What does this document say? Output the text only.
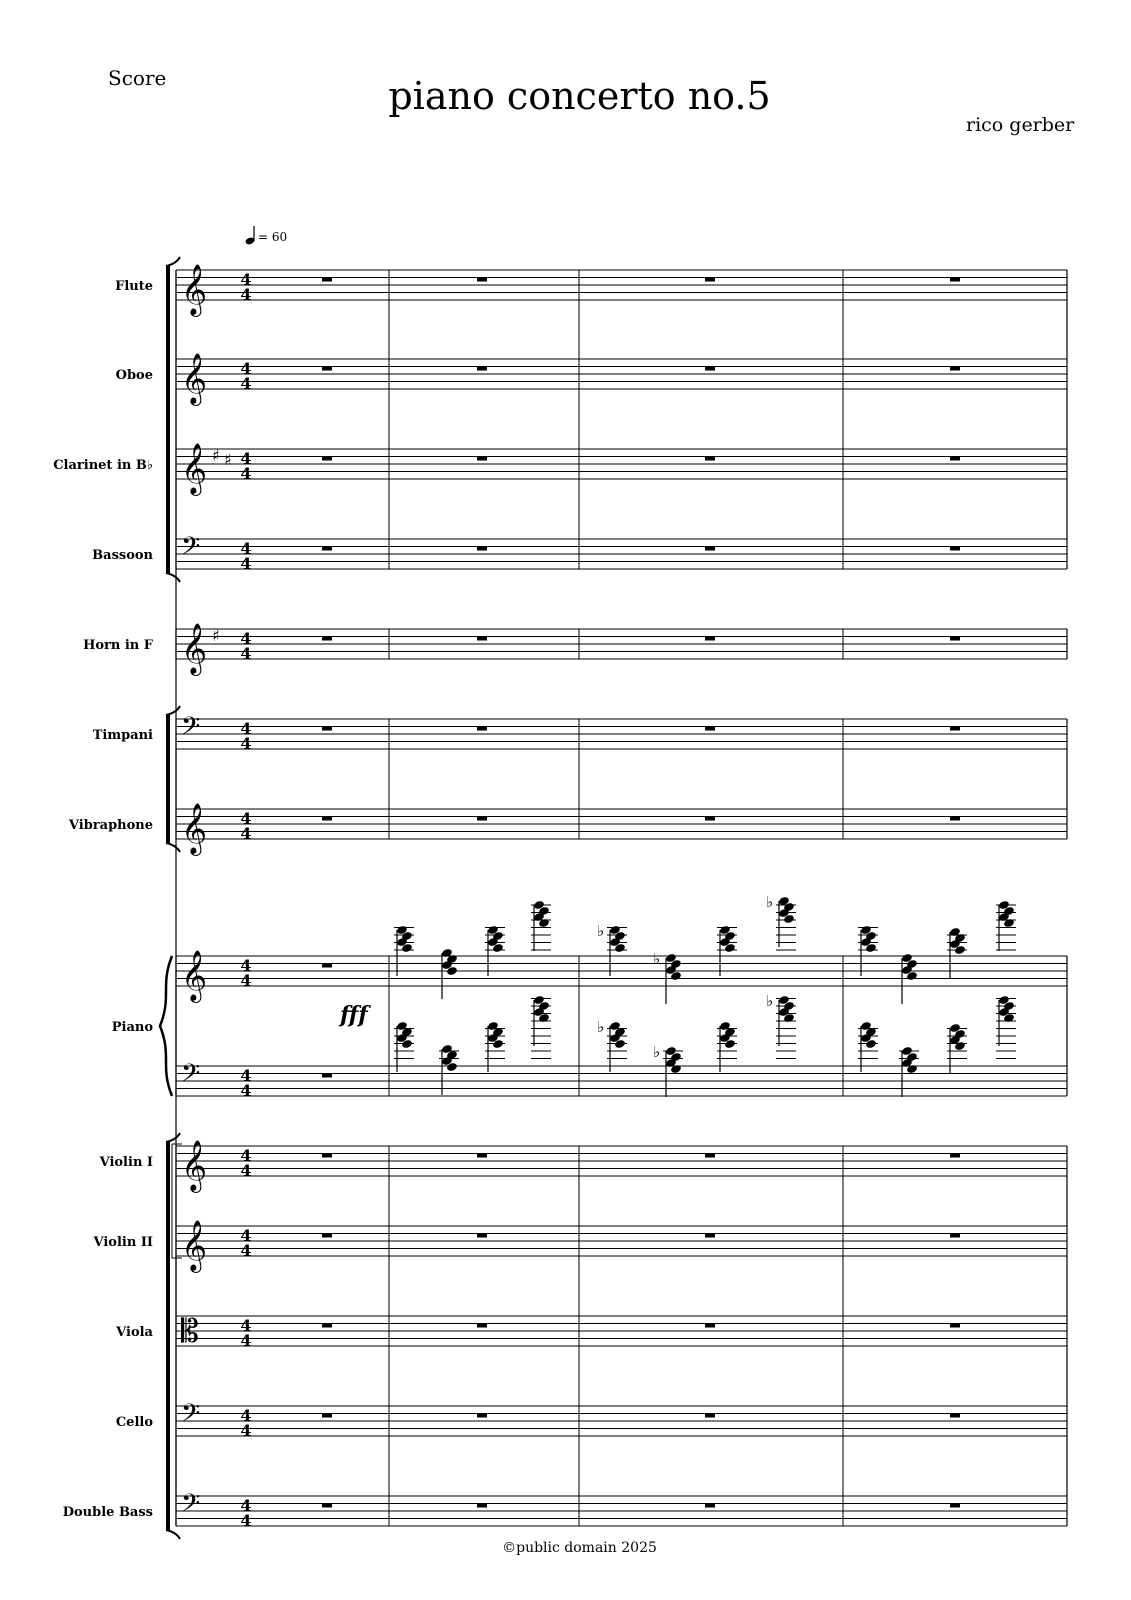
𝄞 4
4
𝄞 4
4
𝄞 ♯ ♯ 4
4
𝄢	4
4
𝄞 ♯ 4
4
𝄢	4
4
𝄞 4
4
𝄞 4
4
𝄢	4
4
𝄞 4
4
𝄞 4
4
𝄡	4
4
𝄢	4
4
𝄢	4
4
Flute
Oboe
Clarinet in B♭
Bassoon
Horn in F
Timpani
Vibraphone
Piano
Violin I
Violin II
Viola
Cello
Double Bass
fff
♭
♭
♭
♭
♭
♭
Score	piano concerto no.5
rico gerber
= 60
©public domain 2025
